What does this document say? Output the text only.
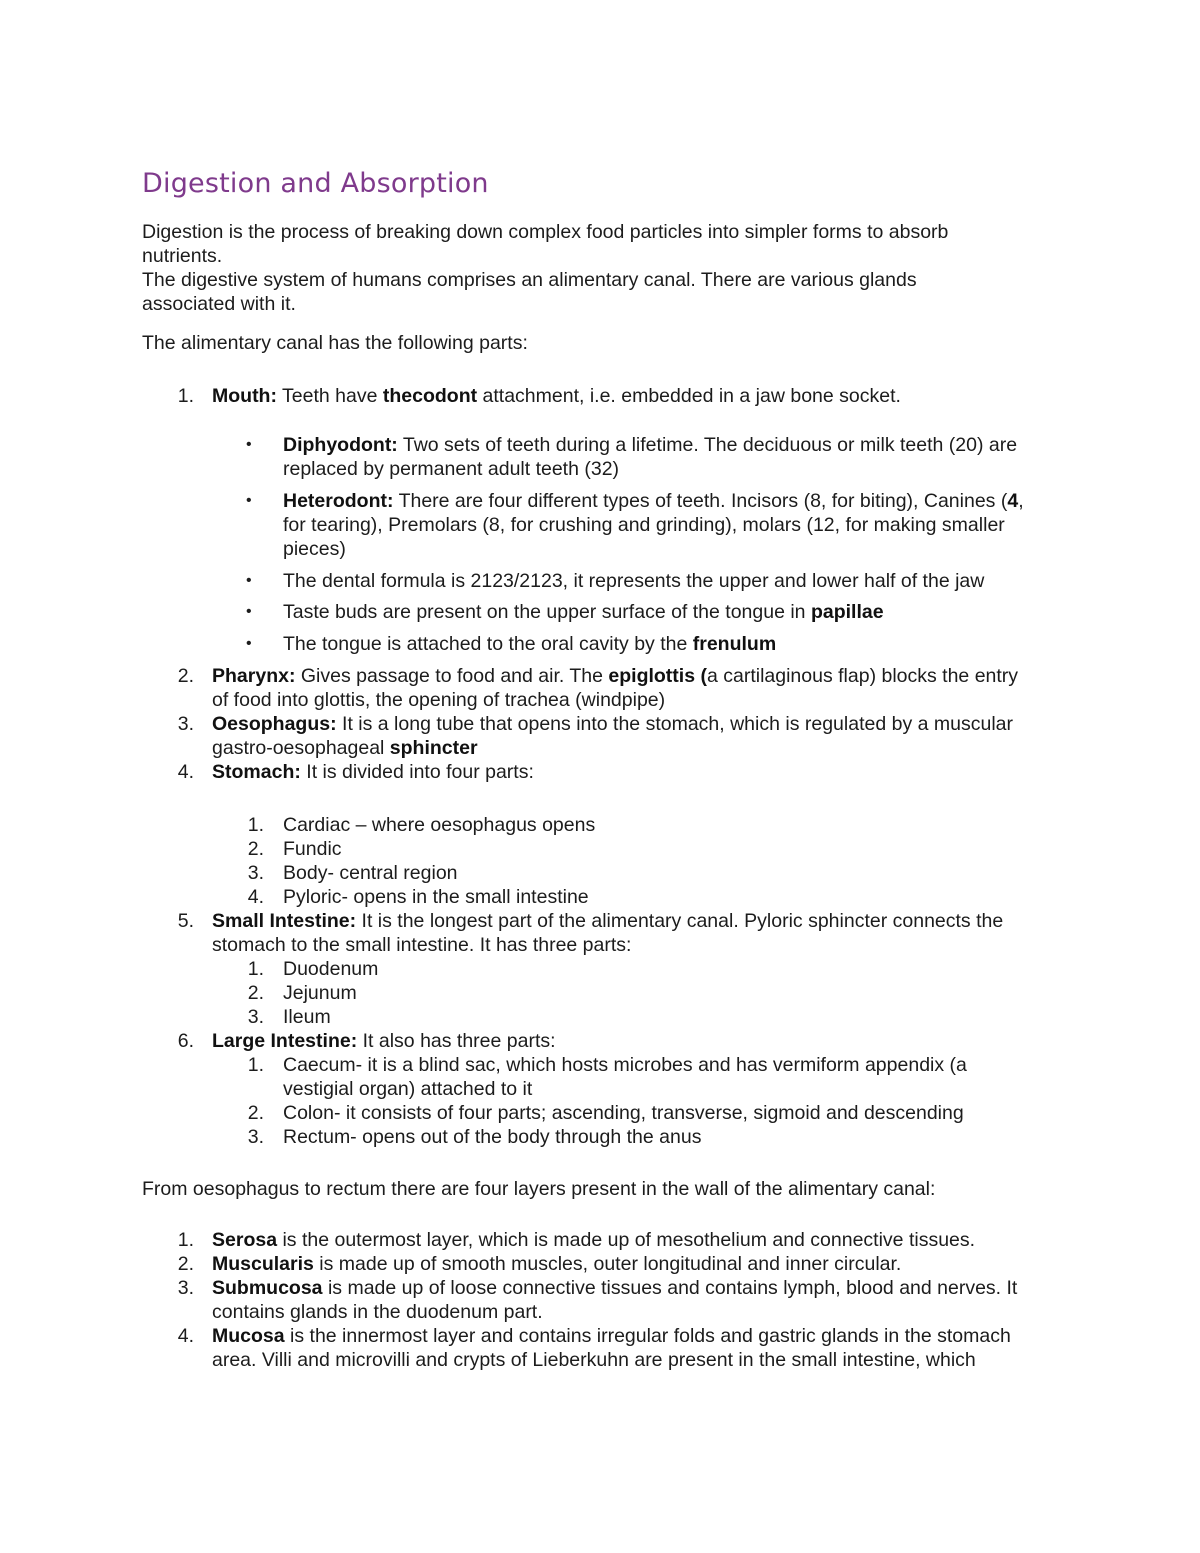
Digestion and Absorption
Digestion is the process of breaking down complex food particles into simpler forms to absorb
nutrients.
The digestive system of humans comprises an alimentary canal. There are various glands
associated with it.
The alimentary canal has the following parts:
1. Mouth: Teeth have thecodont attachment, i.e. embedded in a jaw bone socket.
• Diphyodont: Two sets of teeth during a lifetime. The deciduous or milk teeth (20) are
replaced by permanent adult teeth (32)
• Heterodont: There are four different types of teeth. Incisors (8, for biting), Canines (4,
for tearing), Premolars (8, for crushing and grinding), molars (12, for making smaller
pieces)
• The dental formula is 2123/2123, it represents the upper and lower half of the jaw
• Taste buds are present on the upper surface of the tongue in papillae
• The tongue is attached to the oral cavity by the frenulum
2. Pharynx: Gives passage to food and air. The epiglottis (a cartilaginous flap) blocks the entry
of food into glottis, the opening of trachea (windpipe)
3. Oesophagus: It is a long tube that opens into the stomach, which is regulated by a muscular
gastro-oesophageal sphincter
4. Stomach: It is divided into four parts:
1. Cardiac – where oesophagus opens
2. Fundic
3. Body- central region
4. Pyloric- opens in the small intestine
5. Small Intestine: It is the longest part of the alimentary canal. Pyloric sphincter connects the
stomach to the small intestine. It has three parts:
1. Duodenum
2. Jejunum
3. Ileum
6. Large Intestine: It also has three parts:
1. Caecum- it is a blind sac, which hosts microbes and has vermiform appendix (a
vestigial organ) attached to it
2. Colon- it consists of four parts; ascending, transverse, sigmoid and descending
3. Rectum- opens out of the body through the anus
From oesophagus to rectum there are four layers present in the wall of the alimentary canal:
1. Serosa is the outermost layer, which is made up of mesothelium and connective tissues.
2. Muscularis is made up of smooth muscles, outer longitudinal and inner circular.
3. Submucosa is made up of loose connective tissues and contains lymph, blood and nerves. It
contains glands in the duodenum part.
4. Mucosa is the innermost layer and contains irregular folds and gastric glands in the stomach
area. Villi and microvilli and crypts of Lieberkuhn are present in the small intestine, which
